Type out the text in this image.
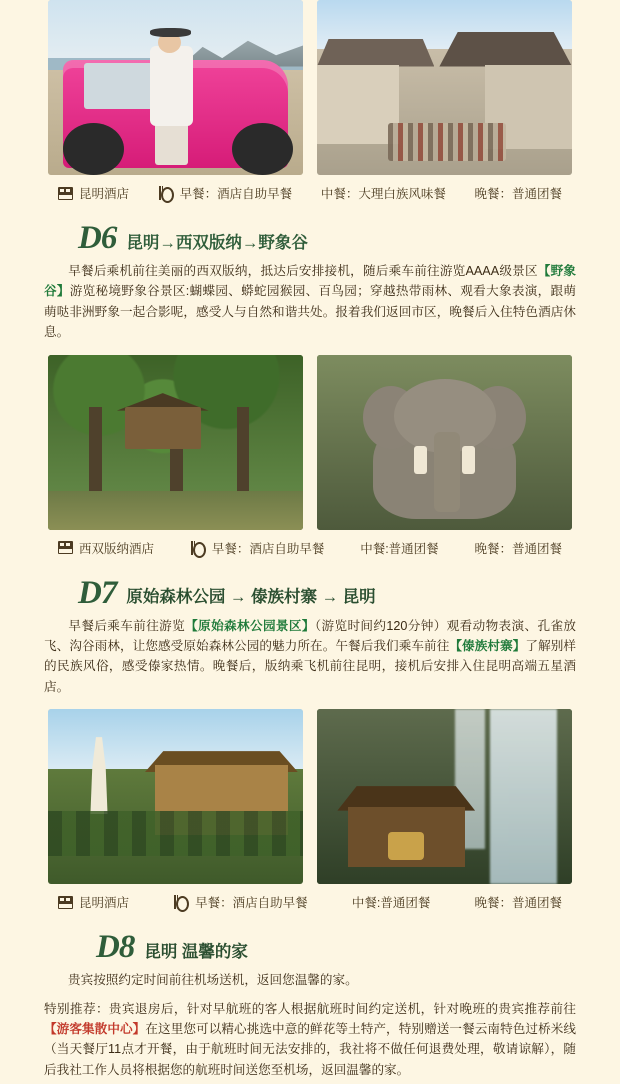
昆明酒店	早餐：酒店自助早餐 中餐：大理白族风味餐 晚餐：普通团餐
D6 昆明→西双版纳→野象谷
早餐后乘机前往美丽的西双版纳，抵达后安排接机，随后乘车前往游览AAAA级景区【野象谷】游览秘境野象谷景区:蝴蝶园、蟒蛇园猴园、百鸟园；穿越热带雨林、观看大象表演，跟萌萌哒非洲野象一起合影呢，感受人与自然和谐共处。报着我们返回市区，晚餐后入住特色酒店休息。
西双版纳酒店	早餐：酒店自助早餐	中餐:普通团餐	晚餐：普通团餐
D7 原始森林公园 → 傣族村寨 → 昆明
早餐后乘车前往游览【原始森林公园景区】（游览时间约120分钟）观看动物表演、孔雀放飞、沟谷雨林，让您感受原始森林公园的魅力所在。午餐后我们乘车前往【傣族村寨】了解别样的民族风俗，感受傣家热情。晚餐后，版纳乘飞机前往昆明，接机后安排入住昆明高端五星酒店。
昆明酒店	早餐：酒店自助早餐	中餐:普通团餐	晚餐：普通团餐
D8 昆明 温馨的家
贵宾按照约定时间前往机场送机，返回您温馨的家。
特别推荐：贵宾退房后，针对早航班的客人根据航班时间约定送机，针对晚班的贵宾推荐前往【游客集散中心】在这里您可以精心挑选中意的鲜花等土特产，特别赠送一餐云南特色过桥米线（当天餐厅11点才开餐，由于航班时间无法安排的，我社将不做任何退费处理，敬请谅解），随后我社工作人员将根据您的航班时间送您至机场，返回温馨的家。
